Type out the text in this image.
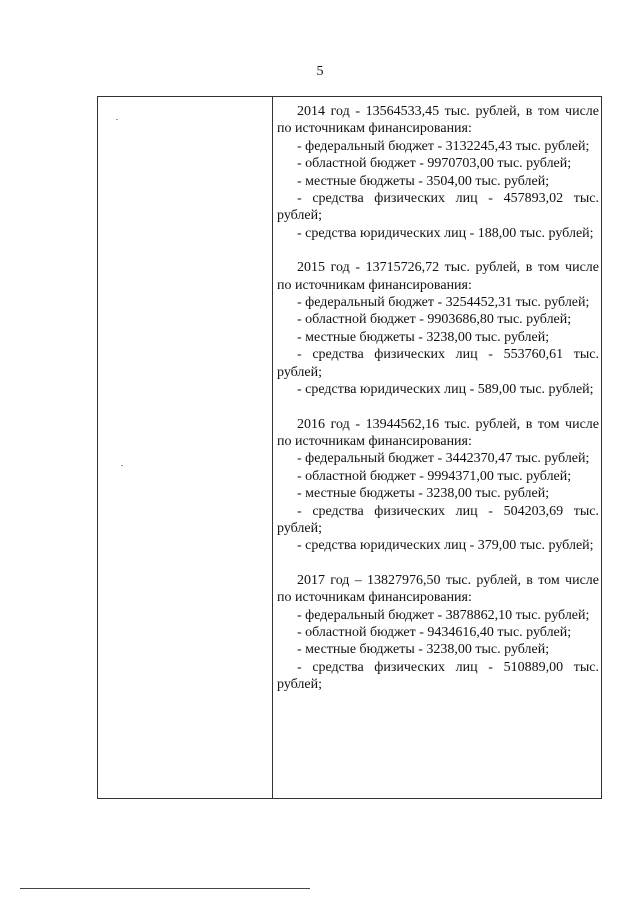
5
2014 год - 13564533,45 тыс. рублей, в том числе по источникам финансирования:
- федеральный бюджет - 3132245,43 тыс. рублей;
- областной бюджет - 9970703,00 тыс. рублей;
- местные бюджеты - 3504,00 тыс. рублей;
- средства физических лиц - 457893,02 тыс. рублей;
- средства юридических лиц - 188,00 тыс. рублей;
2015 год - 13715726,72 тыс. рублей, в том числе по источникам финансирования:
- федеральный бюджет - 3254452,31 тыс. рублей;
- областной бюджет - 9903686,80 тыс. рублей;
- местные бюджеты - 3238,00 тыс. рублей;
- средства физических лиц - 553760,61 тыс. рублей;
- средства юридических лиц - 589,00 тыс. рублей;
2016 год - 13944562,16 тыс. рублей, в том числе по источникам финансирования:
- федеральный бюджет - 3442370,47 тыс. рублей;
- областной бюджет - 9994371,00 тыс. рублей;
- местные бюджеты - 3238,00 тыс. рублей;
- средства физических лиц - 504203,69 тыс. рублей;
- средства юридических лиц - 379,00 тыс. рублей;
2017 год – 13827976,50 тыс. рублей, в том числе по источникам финансирования:
- федеральный бюджет - 3878862,10 тыс. рублей;
- областной бюджет - 9434616,40 тыс. рублей;
- местные бюджеты - 3238,00 тыс. рублей;
- средства физических лиц - 510889,00 тыс. рублей;
